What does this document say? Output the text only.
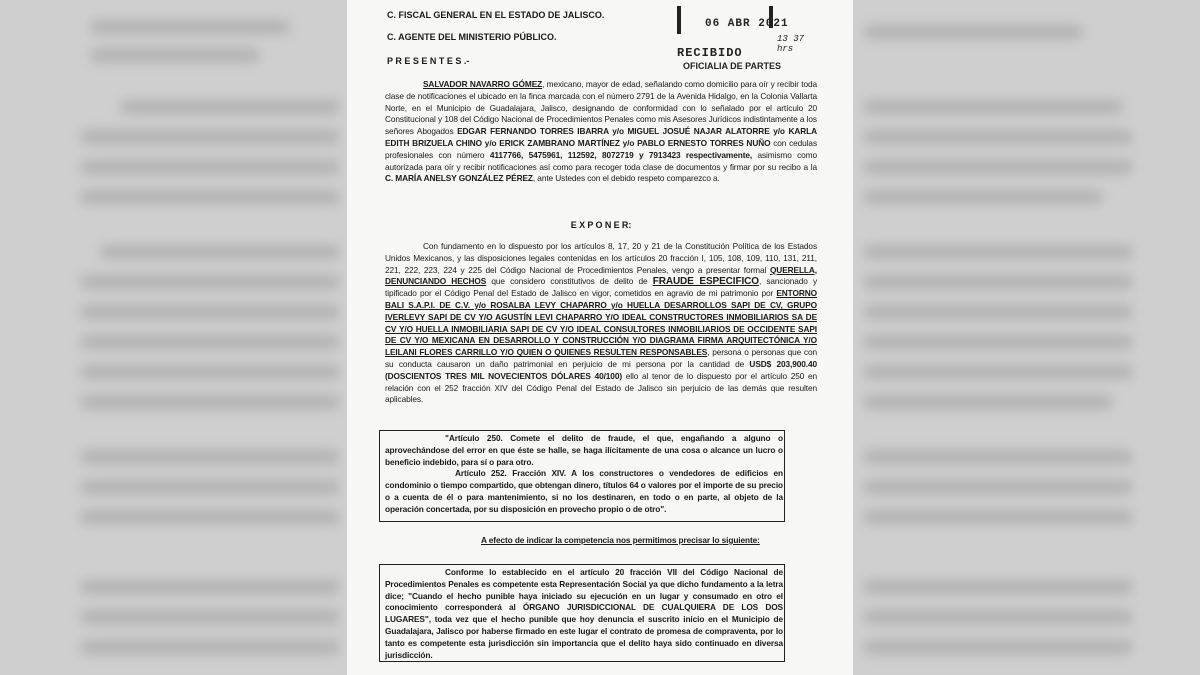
C. FISCAL GENERAL EN EL ESTADO DE JALISCO.
C. AGENTE DEL MINISTERIO PÚBLICO.
P R E S E N T E S .-
06 ABR 2021
13 37 hrs
RECIBIDO
OFICIALIA DE PARTES
SALVADOR NAVARRO GÓMEZ, mexicano, mayor de edad, señalando como domicilio para oír y recibir toda clase de notificaciones el ubicado en la finca marcada con el número 2791 de la Avenida Hidalgo, en la Colonia Vallarta Norte, en el Municipio de Guadalajara, Jalisco, designando de conformidad con lo señalado por el artículo 20 Constitucional y 108 del Código Nacional de Procedimientos Penales como mis Asesores Jurídicos indistintamente a los señores Abogados EDGAR FERNANDO TORRES IBARRA y/o MIGUEL JOSUÉ NAJAR ALATORRE y/o KARLA EDITH BRIZUELA CHINO y/o ERICK ZAMBRANO MARTÍNEZ y/o PABLO ERNESTO TORRES NUÑO con cedulas profesionales con número 4117766, 5475961, 112592, 8072719 y 7913423 respectivamente, asimismo como autorizada para oír y recibir notificaciones así como para recoger toda clase de documentos y firmar por su recibo a la C. MARÍA ANELSY GONZÁLEZ PÉREZ, ante Ustedes con el debido respeto comparezco a.
E X P O N E R:
Con fundamento en lo dispuesto por los artículos 8, 17, 20 y 21 de la Constitución Política de los Estados Unidos Mexicanos, y las disposiciones legales contenidas en los artículos 20 fracción I, 105, 108, 109, 110, 131, 211, 221, 222, 223, 224 y 225 del Código Nacional de Procedimientos Penales, vengo a presentar formal QUERELLA, DENUNCIANDO HECHOS que considero constitutivos de delito de FRAUDE ESPECIFICO, sancionado y tipificado por el Código Penal del Estado de Jalisco en vigor, cometidos en agravio de mi patrimonio por ENTORNO BALI S.A.P.I. DE C.V. y/o ROSALBA LEVY CHAPARRO y/o HUELLA DESARROLLOS SAPI DE CV, GRUPO IVERLEVY SAPI DE CV Y/O AGUSTÍN LEVI CHAPARRO Y/O IDEAL CONSTRUCTORES INMOBILIARIOS SA DE CV Y/O HUELLA INMOBILIARIA SAPI DE CV Y/O IDEAL CONSULTORES INMOBILIARIOS DE OCCIDENTE SAPI DE CV Y/O MEXICANA EN DESARROLLO Y CONSTRUCCIÓN Y/O DIAGRAMA FIRMA ARQUITECTÓNICA Y/O LEILANI FLORES CARRILLO Y/O QUIEN O QUIENES RESULTEN RESPONSABLES, persona o personas que con su conducta causaron un daño patrimonial en perjuicio de mi persona por la cantidad de USD$ 203,900.40 (DOSCIENTOS TRES MIL NOVECIENTOS DÓLARES 40/100) ello al tenor de lo dispuesto por el artículo 250 en relación con el 252 fracción XIV del Código Penal del Estado de Jalisco sin perjuicio de las demás que resulten aplicables.
"Artículo 250. Comete el delito de fraude, el que, engañando a alguno o aprovechándose del error en que éste se halle, se haga ilícitamente de una cosa o alcance un lucro o beneficio indebido, para sí o para otro.
Artículo 252. Fracción XIV. A los constructores o vendedores de edificios en condominio o tiempo compartido, que obtengan dinero, títulos 64 o valores por el importe de su precio o a cuenta de él o para mantenimiento, si no los destinaren, en todo o en parte, al objeto de la operación concertada, por su disposición en provecho propio o de otro".
A efecto de indicar la competencia nos permitimos precisar lo siguiente:
Conforme lo establecido en el artículo 20 fracción VII del Código Nacional de Procedimientos Penales es competente esta Representación Social ya que dicho fundamento a la letra dice; "Cuando el hecho punible haya iniciado su ejecución en un lugar y consumado en otro el conocimiento corresponderá al ÓRGANO JURISDICCIONAL DE CUALQUIERA DE LOS DOS LUGARES", toda vez que el hecho punible que hoy denuncia el suscrito inicio en el Municipio de Guadalajara, Jalisco por haberse firmado en este lugar el contrato de promesa de compraventa, por lo tanto es competente esta jurisdicción sin importancia que el delito haya sido continuado en diversa jurisdicción.
